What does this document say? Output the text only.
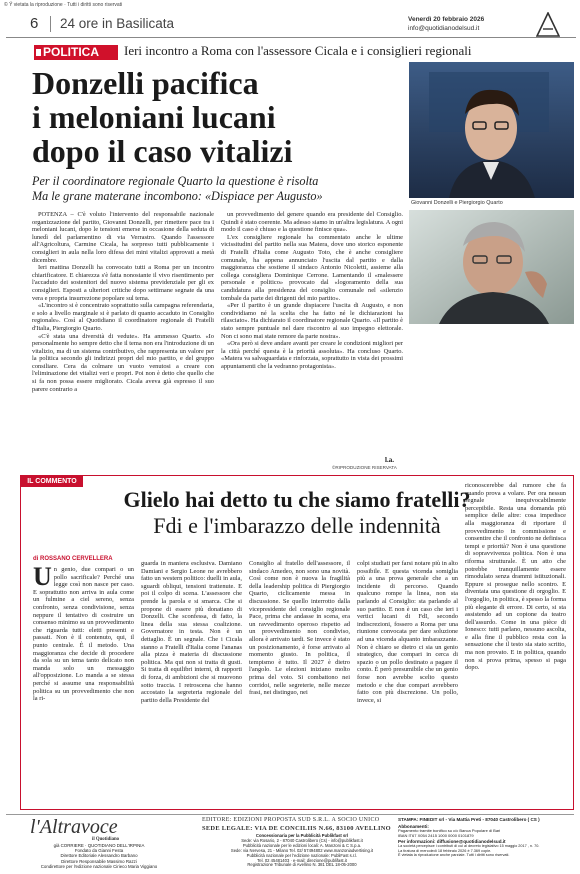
© Ÿ vietata la riproduzione · Tutti i diritti sono riservati
6 24 ore in Basilicata	Venerdì 20 febbraio 2026
info@quotidianodelsud.it
POLITICA	Ieri incontro a Roma con l'assessore Cicala e i consiglieri regionali
Donzelli pacifica
i meloniani lucani
dopo il caso vitalizi
Per il coordinatore regionale Quarto la questione è risolta
Ma le grane materane incombono: «Dispiace per Augusto»	Giovanni Donzelli e Piergiorgio Quarto

POTENZA – C'è voluto l'intervento del responsabile nazionale organizzazione del partito, Giovanni Donzelli, per rimettere pace tra i meloniani lucani, dopo le tensioni emerse in occasione della seduta di lunedì del parlamentino di via Verrastro. Quando l'assessore all'Agricoltura, Carmine Cicala, ha sorpreso tutti pubblicamente i consiglieri in aula nella loro difesa dei mini vitalizi approvati a metà dicembre.

Ieri mattina Donzelli ha convocato tutti a Roma per un incontro chiarificatore. E chiarezza s'è fatta nonostante il vivo risentimento per l'accaduto dei sostenitori del nuovo sistema previdenziale per gli ex consiglieri. Esposti a ulteriori critiche dopo settimane segnate da una vera e propria insurrezione popolare sul tema.

«L'incontro si è concentrato soprattutto sulla campagna referendaria, e solo a livello marginale si è parlato di quanto accaduto in Consiglio regionale». Così al Quotidiano il coordinatore regionale di Fratelli d'Italia, Piergiorgio Quarto.

«C'è stata una diversità di vedute». Ha ammesso Quarto. «Io personalmente ho sempre detto che il tema non era l'introduzione di un vitalizio, ma di un sistema contributivo, che rappresenta un valore per la politica secondo gli indirizzi propri del mio partito, e del gruppo consiliare. Cera da colmare un vuoto venutosi a creare con l'eliminazione dei vitalizi veri e propri. Poi non è detto che quello che si fa non possa essere migliorato. Cicala aveva già espresso il suo parere contrario a

un provvedimento del genere quando era presidente del Consiglio. Quindi è stato coerente. Ma adesso siamo in un'altra legislatura. A ogni modo il caso è chiuso e la questione finisce qua».

L'ex consigliere regionale ha commentato anche le ultime vicissitudini del partito nella sua Matera, dove uno storico esponente di Fratelli d'Italia come Augusto Toto, che è anche consigliere comunale, ha appena annunciato l'uscita dal partito e dalla maggioranza che sostiene il sindaco Antonio Nicoletti, assieme alla collega consigliera Dominique Cerrone. Lamentando il «malessere personale e politico» provocato dal «logoramento della sua candidatura alla presidenza del consiglio comunale nel «silenzio tombale da parte dei dirigenti del mio partito».

«Per il partito è un grande dispiacere l'uscita di Augusto, e non condividiamo né la scelta che ha fatto né le dichiarazioni ha rilasciato». Ha dichiarato il coordinatore regionale Quarto. «Il partito è stato sempre puntuale nel dare riscontro al suo impegno elettorale. Non ci sono mai state remore da parte nostra».

«Ora però si deve andare avanti per creare le condizioni migliori per la città perché questa è la priorità assoluta». Ha concluso Quarto. «Matera va salvaguardata e rinforzata, soprattutto in vista dei prossimi appuntamenti che la vedranno protagonista».

l.a.
©RIPRODUZIONE RISERVATA
IL COMMENTO
Glielo hai detto tu che siamo fratelli?
Fdi e l'imbarazzo delle indennità
di ROSSANO CERVELLERA
U n genio, due compari o un pollo sacrificale? Perché una legge così non nasce per caso. E soprattutto non arriva in aula come un fulmine a ciel sereno, senza confronto, senza condivisione, senza neppure il tentativo di costruire un consenso minimo su un provvedimento che riguarda tutti: eletti presenti e passati. Non è il contenuto, qui, il punto centrale. È il metodo. Una maggioranza che decide di procedere da sola su un tema tanto delicato non manda solo un messaggio all'opposizione. Lo manda a se stessa perché si assume una responsabilità politica su un provvedimento che non la ri-
guarda in maniera esclusiva. Damiano Damiani e Sergio Leone ne avrebbero fatto un western politico: duelli in aula, sguardi obliqui, tensioni trattenute. E poi il colpo di scena. L'assessore che prende la parola e si smarca. Che si propone di essere più donatiano di Donzelli. Che sconfessa, di fatto, la linea della sua stessa coalizione. Governatore in testa. Non è un dettaglio. È un segnale. Che i Cicala stanno a Fratelli d'Italia come l'ananas alla pizza è materia di discussione politica. Ma qui non si tratta di gusti. Si tratta di equilibri interni, di rapporti di forza, di ambizioni che si muovono sotto traccia. I retroscena che hanno accostato la segreteria regionale del partito della Presidente del
Consiglio al fratello dell'assessore, il sindaco Amedeo, non sono una novità. Così come non è nuova la fragilità della leadership politica di Piergiorgio Quarto, ciclicamente messa in discussione. Se quello interrotto dalla vicepresidente del consiglio regionale Pace, prima che andasse in scena, era un ravvedimento operoso rispetto ad un provvedimento non condiviso, allora è arrivato tardi. Se invece è stato un posizionamento, è forse arrivato al momento giusto. In politica, il tempismo è tutto. Il 2027 è dietro l'angolo. Le elezioni iniziano molto prima del voto. Si combattono nei corridoi, nelle segreterie, nelle mezze frasi, nei distinguo, nei
colpi studiati per farsi notare più in alto possibile. E questa vicenda somiglia più a una prova generale che a un incidente di percorso. Quando qualcuno rompe la linea, non sta parlando al Consiglio: sta parlando al suo partito. E non è un caso che ieri i vertici lucani di FdI, secondo indiscrezioni, fossero a Roma per una riunione convocata per dare soluzione ad una vicenda alquanto imbarazzante. Non è chiaro se dietro ci sia un genio strategico, due compari in cerca di spazio o un pollo destinato a pagare il conto. È però presumibile che un genio forse non avrebbe scelto questo metodo e che due compari avrebbero fatto con più discrezione. Un pollo, invece, si
riconoscerebbe dal rumore che fa quando prova a volare. Per ora nessun segnale inequivocabilmente percepibile. Resta una domanda più semplice delle altre: cosa impedisce alla maggioranza di riportare il provvedimento in commissione e consentire che il confronto ne definisca tempi e priorità? Non è una questione di sopravvivenza politica. Non è una riforma strutturale. È un atto che potrebbe tranquillamente essere rimodulato senza drammi istituzionali. Eppure si prosegue nello scontro. E diventata una questione di orgoglio. E l'orgoglio, in politica, è spesso la forma più elegante di errore. Di certo, si sta assistendo ad un copione da teatro dell'assurdo. Come in una pièce di Ionesco: tutti parlano, nessuno ascolta, e alla fine il pubblico resta con la sensazione che il testo sia stato scritto, ma non provato. E in politica, quando non si prova prima, spesso si paga dopo.
l'Altravoce
il Quotidiano
già CORRIERE · QUOTIDIANO DELL'IRPINIA
Fondato da Gianni Festa
Direttore Editoriale Alessandro Barbano
Direttore Responsabile Massimo Razzi
Condirettore per l'edizione nazionale Cirieco Maria Viggiano
EDITORE: EDIZIONI PROPOSTA SUD S.R.L. A SOCIO UNICO
SEDE LEGALE: VIA DE CONCILIIS N.66, 83100 AVELLINO
Concessionaria per la Pubblicità Publikfast srl
Sede: via Rosario, 2 - 87040 Castrolibero (Cs) - info@publikfast.it
Pubblicità nazionale per le edizioni locali: A. Manzoni & C S.p.a.
Sede: via Nervesa, 21 - Milano Tel. 02/ 57494802 www.manzoniadvertising.it
Pubblicità nazionale per l'edizione nazionale: PubliFast s.r.l.
Tel. 02 45481403 · e-mail: direzione@publifast.it
Registrazione Tribunale di Avellino N. 381 DEL 18-05-2000
STAMPA: FINEDIT srl - Via Mattia Preti - 87040 Castrolibero ( CS )
Abbonamenti:
Pagamento tramite bonifico su c/c Banca Popolare di Bari
IBAN IT67 X054 2415 1000 0000 0101879
Per informazioni: diffusione@quotidianodelsud.it
La società percepisce i contributi di cui al decreto legislativo 15 maggio 2017 , n. 70.
La tiratura di mercoledì 18 febbraio 2026 è 7.369 copie.
È vietata la riproduzione anche parziale. Tutti i diritti sono riservati.
